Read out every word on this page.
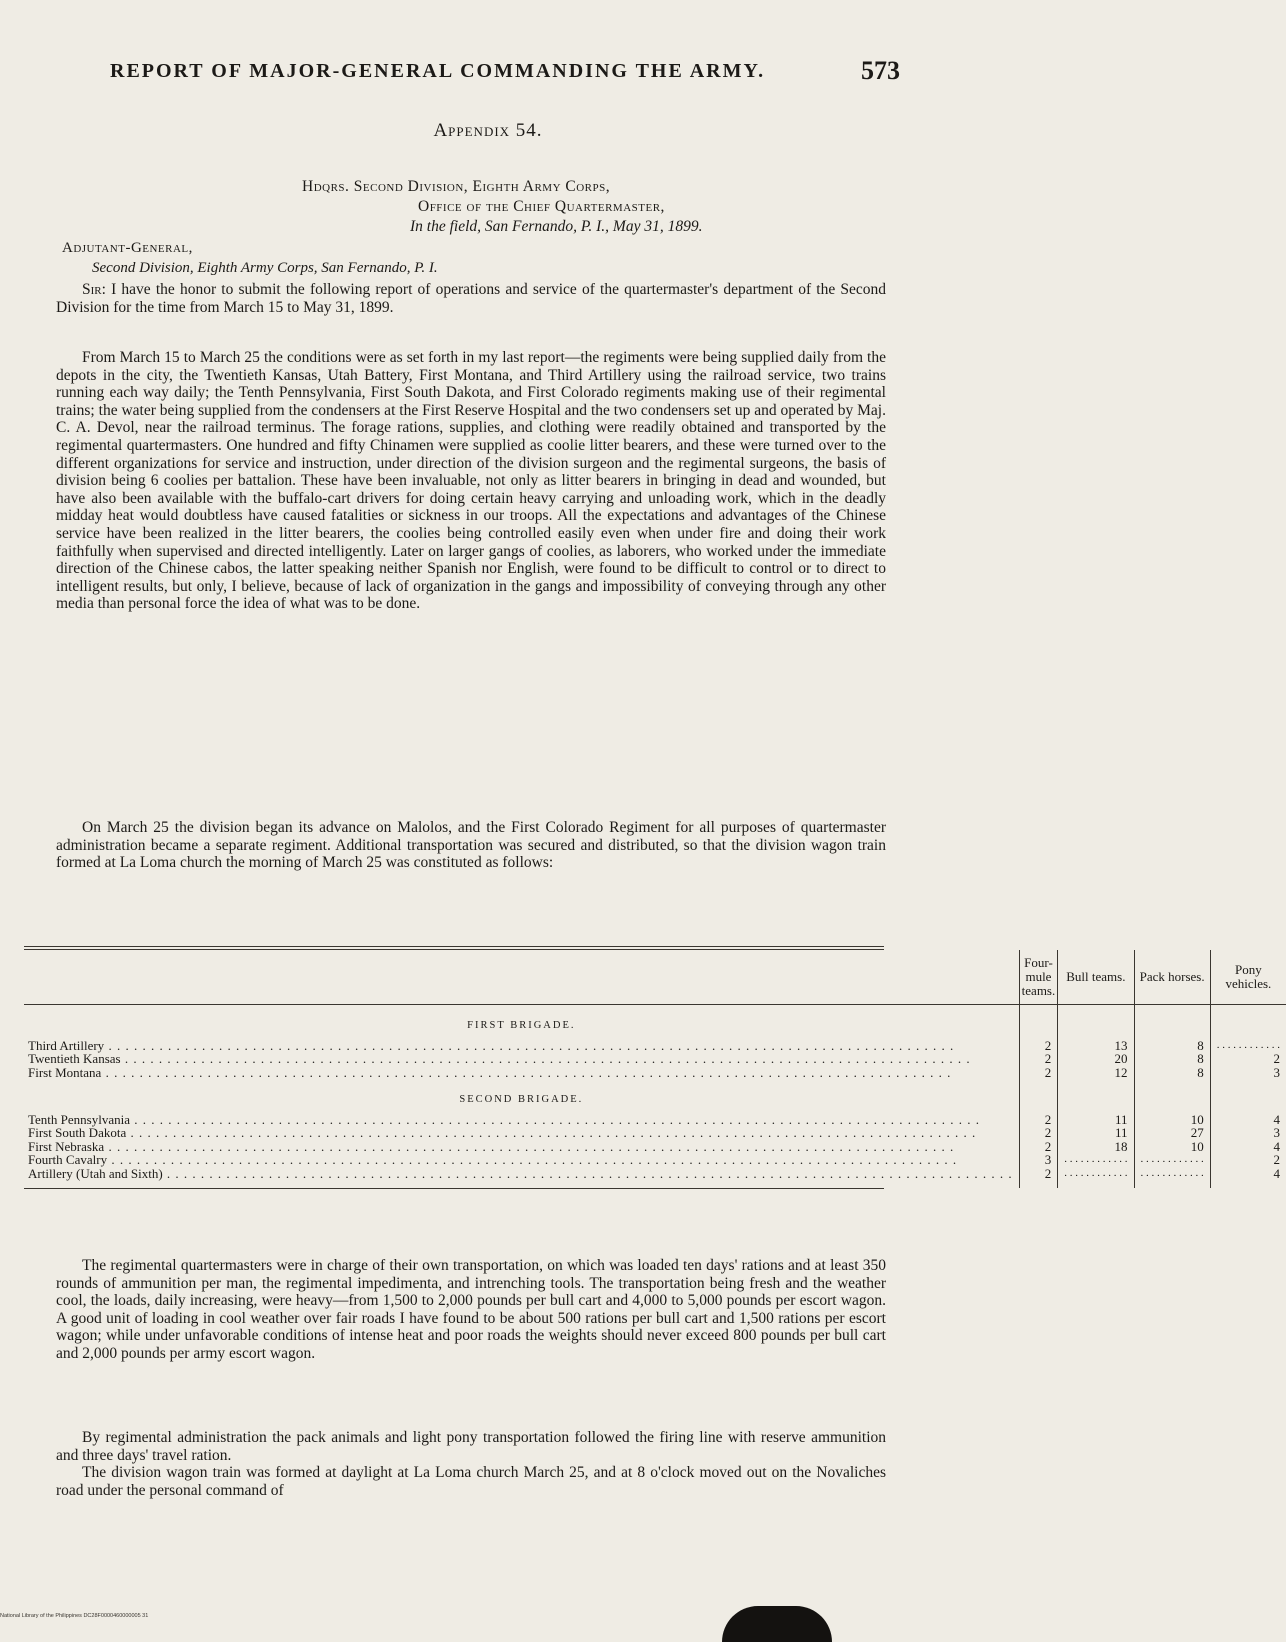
REPORT OF MAJOR-GENERAL COMMANDING THE ARMY.	573
Appendix 54.
Hdqrs. Second Division, Eighth Army Corps,
Office of the Chief Quartermaster,
In the field, San Fernando, P. I., May 31, 1899.
Adjutant-General,
Second Division, Eighth Army Corps, San Fernando, P. I.

Sir: I have the honor to submit the following report of operations and service of the quartermaster's department of the Second Division for the time from March 15 to May 31, 1899.

From March 15 to March 25 the conditions were as set forth in my last report—the regiments were being supplied daily from the depots in the city, the Twentieth Kansas, Utah Battery, First Montana, and Third Artillery using the railroad service, two trains running each way daily; the Tenth Pennsylvania, First South Dakota, and First Colorado regiments making use of their regimental trains; the water being supplied from the condensers at the First Reserve Hospital and the two condensers set up and operated by Maj. C. A. Devol, near the railroad terminus. The forage rations, supplies, and clothing were readily obtained and transported by the regimental quartermasters. One hundred and fifty Chinamen were supplied as coolie litter bearers, and these were turned over to the different organizations for service and instruction, under direction of the division surgeon and the regimental surgeons, the basis of division being 6 coolies per battalion. These have been invaluable, not only as litter bearers in bringing in dead and wounded, but have also been available with the buffalo-cart drivers for doing certain heavy carrying and unloading work, which in the deadly midday heat would doubtless have caused fatalities or sickness in our troops. All the expectations and advantages of the Chinese service have been realized in the litter bearers, the coolies being controlled easily even when under fire and doing their work faithfully when supervised and directed intelligently. Later on larger gangs of coolies, as laborers, who worked under the immediate direction of the Chinese cabos, the latter speaking neither Spanish nor English, were found to be difficult to control or to direct to intelligent results, but only, I believe, because of lack of organization in the gangs and impossibility of conveying through any other media than personal force the idea of what was to be done.

On March 25 the division began its advance on Malolos, and the First Colorado Regiment for all purposes of quartermaster administration became a separate regiment. Additional transportation was secured and distributed, so that the division wagon train formed at La Loma church the morning of March 25 was constituted as follows:

	Four-mule teams.	Bull teams.	Pack horses.	Pony vehicles.
FIRST BRIGADE.				
Third Artillery . . .	2	13	8	. . .
Twentieth Kansas . . .	2	20	8	2
First Montana . . .	2	12	8	3
SECOND BRIGADE.				
Tenth Pennsylvania . . .	2	11	10	4
First South Dakota . . .	2	11	27	3
First Nebraska . . .	2	18	10	4
Fourth Cavalry . . .	3	. . .	. . .	2
Artillery (Utah and Sixth) . . .	2	. . .	. . .	4

The regimental quartermasters were in charge of their own transportation, on which was loaded ten days' rations and at least 350 rounds of ammunition per man, the regimental impedimenta, and intrenching tools. The transportation being fresh and the weather cool, the loads, daily increasing, were heavy—from 1,500 to 2,000 pounds per bull cart and 4,000 to 5,000 pounds per escort wagon. A good unit of loading in cool weather over fair roads I have found to be about 500 rations per bull cart and 1,500 rations per escort wagon; while under unfavorable conditions of intense heat and poor roads the weights should never exceed 800 pounds per bull cart and 2,000 pounds per army escort wagon.

By regimental administration the pack animals and light pony transportation followed the firing line with reserve ammunition and three days' travel ration.

The division wagon train was formed at daylight at La Loma church March 25, and at 8 o'clock moved out on the Novaliches road under the personal command of

National Library of the Philippines DC28F0000460000005 31
